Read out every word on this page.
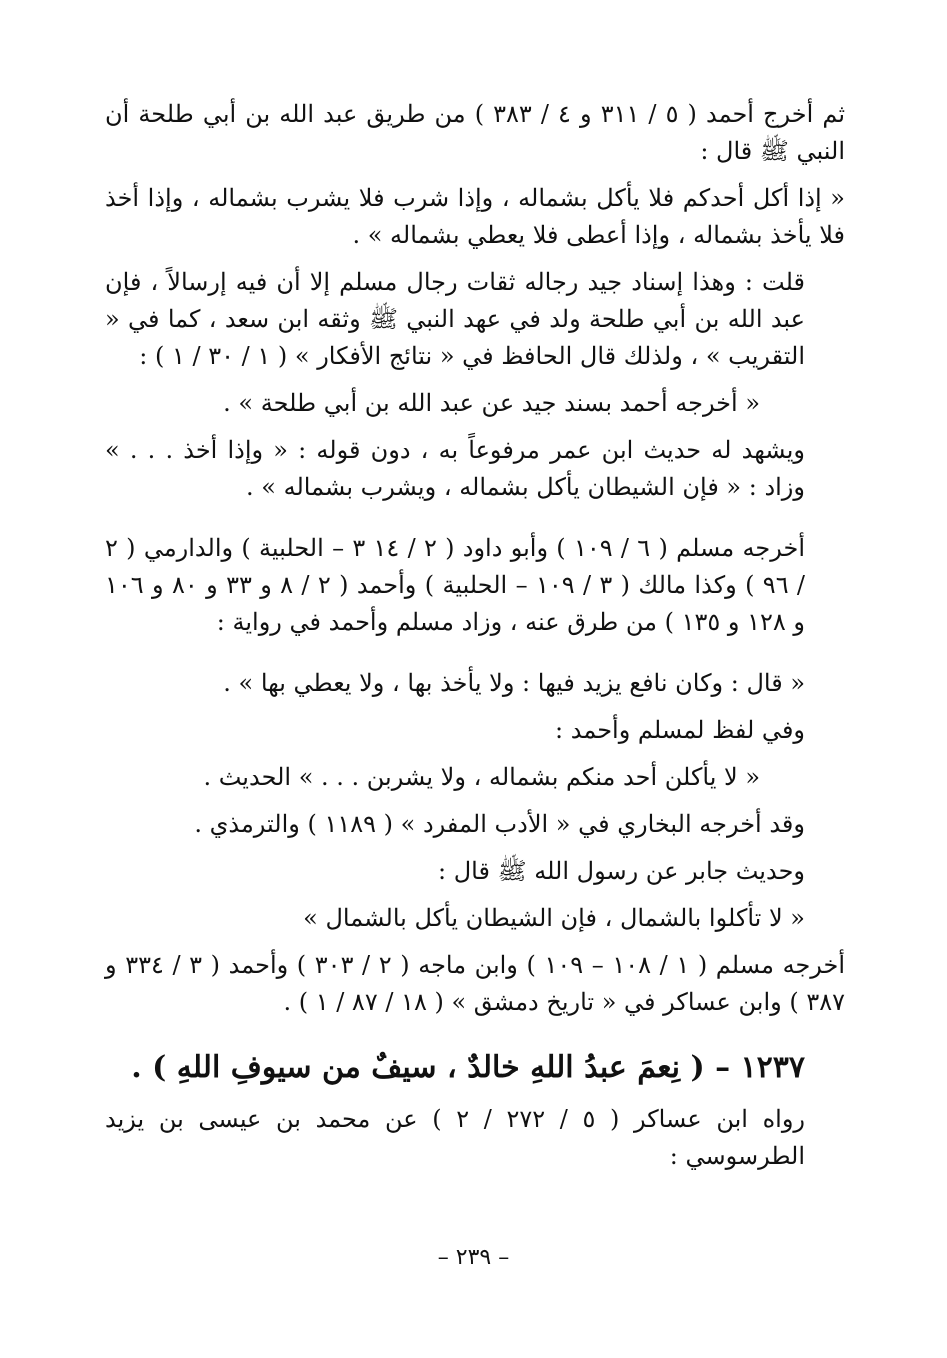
ثم أخرج أحمد ( ٥ / ٣١١ و ٤ / ٣٨٣ ) من طريق عبد الله بن أبي طلحة أن النبي ﷺ قال :

« إذا أكل أحدكم فلا يأكل بشماله ، وإذا شرب فلا يشرب بشماله ، وإذا أخذ فلا يأخذ بشماله ، وإذا أعطى فلا يعطي بشماله » .

قلت : وهذا إسناد جيد رجاله ثقات رجال مسلم إلا أن فيه إرسالاً ، فإن عبد الله بن أبي طلحة ولد في عهد النبي ﷺ وثقه ابن سعد ، كما في « التقريب » ، ولذلك قال الحافظ في « نتائج الأفكار » ( ١ / ٣٠ / ١ ) :

« أخرجه أحمد بسند جيد عن عبد الله بن أبي طلحة » .

ويشهد له حديث ابن عمر مرفوعاً به ، دون قوله : « وإذا أخذ . . . » وزاد : « فإن الشيطان يأكل بشماله ، ويشرب بشماله » .

أخرجه مسلم ( ٦ / ١٠٩ ) وأبو داود ( ٢ / ١٤ ٣ – الحلبية ) والدارمي ( ٢ / ٩٦ ) وكذا مالك ( ٣ / ١٠٩ – الحلبية ) وأحمد ( ٢ / ٨ و ٣٣ و ٨٠ و ١٠٦ و ١٢٨ و ١٣٥ ) من طرق عنه ، وزاد مسلم وأحمد في رواية :

« قال : وكان نافع يزيد فيها : ولا يأخذ بها ، ولا يعطي بها » .

وفي لفظ لمسلم وأحمد :

« لا يأكلن أحد منكم بشماله ، ولا يشربن . . . » الحديث .

وقد أخرجه البخاري في « الأدب المفرد » ( ١١٨٩ ) والترمذي .

وحديث جابر عن رسول الله ﷺ قال :

« لا تأكلوا بالشمال ، فإن الشيطان يأكل بالشمال »

أخرجه مسلم ( ١ / ١٠٨ – ١٠٩ ) وابن ماجه ( ٢ / ٣٠٣ ) وأحمد ( ٣ / ٣٣٤ و ٣٨٧ ) وابن عساكر في « تاريخ دمشق » ( ١٨ / ٨٧ / ١ ) .

١٢٣٧ – ( نِعمَ عبدُ اللهِ خالدٌ ، سيفٌ من سيوفِ اللهِ ) .

رواه ابن عساكر ( ٥ / ٢٧٢ / ٢ ) عن محمد بن عيسى بن يزيد الطرسوسي :

– ٢٣٩ –
